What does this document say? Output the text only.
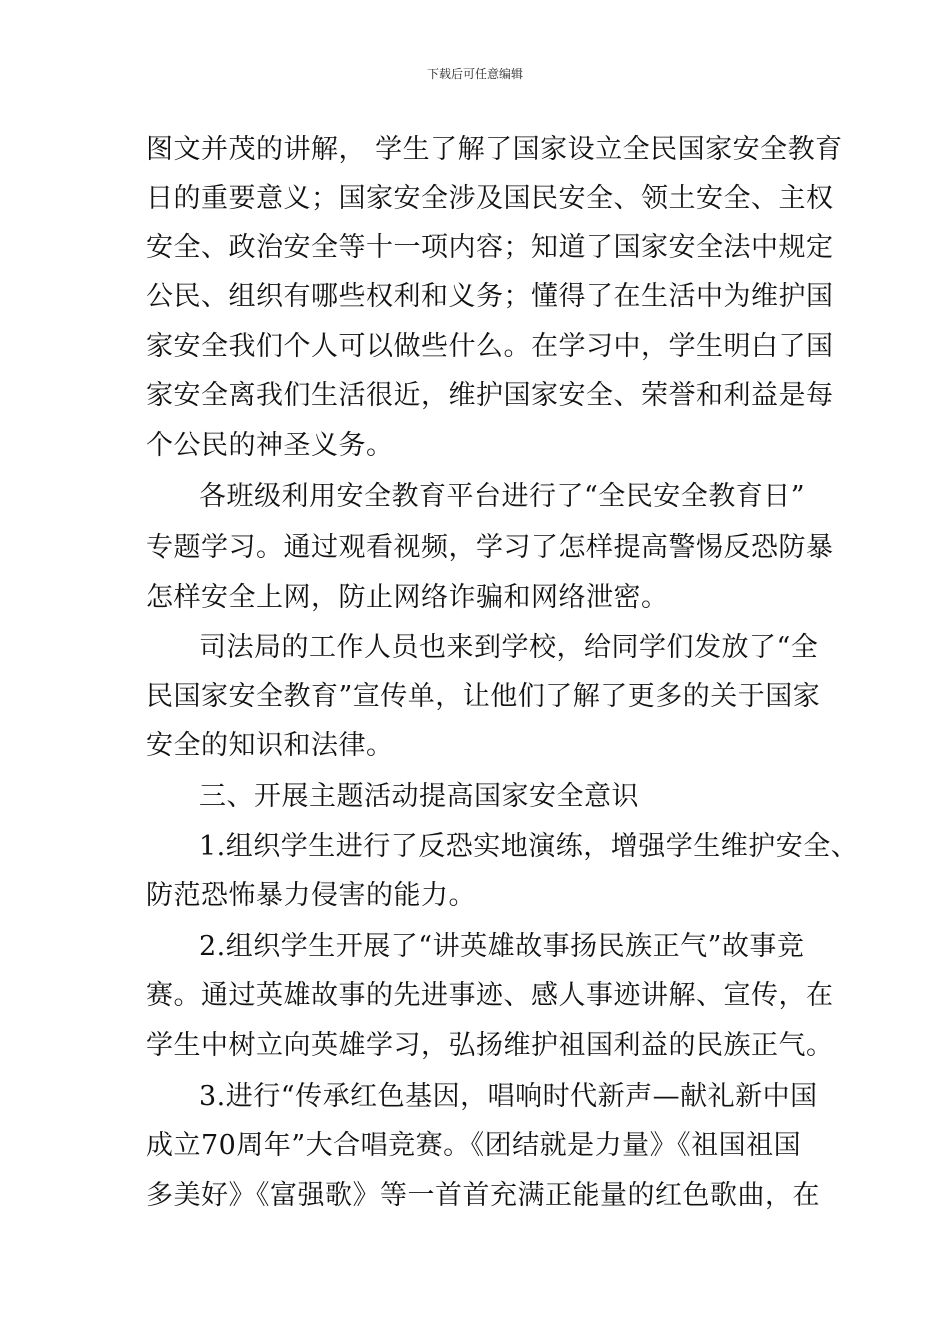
下载后可任意编辑
图文并茂的讲解， 学生了解了国家设立全民国家安全教育
日的重要意义；国家安全涉及国民安全、领土安全、主权
安全、政治安全等十一项内容；知道了国家安全法中规定
公民、组织有哪些权利和义务；懂得了在生活中为维护国
家安全我们个人可以做些什么。在学习中，学生明白了国
家安全离我们生活很近，维护国家安全、荣誉和利益是每
个公民的神圣义务。
各班级利用安全教育平台进行了“全民安全教育日”
专题学习。通过观看视频，学习了怎样提高警惕反恐防暴
怎样安全上网，防止网络诈骗和网络泄密。
司法局的工作人员也来到学校，给同学们发放了“全
民国家安全教育”宣传单，让他们了解了更多的关于国家
安全的知识和法律。
三、开展主题活动提高国家安全意识
1.组织学生进行了反恐实地演练，增强学生维护安全、
防范恐怖暴力侵害的能力。
2.组织学生开展了“讲英雄故事扬民族正气”故事竞
赛。通过英雄故事的先进事迹、感人事迹讲解、宣传，在
学生中树立向英雄学习，弘扬维护祖国利益的民族正气。
3.进行“传承红色基因，唱响时代新声—献礼新中国
成立70周年”大合唱竞赛。《团结就是力量》《祖国祖国
多美好》《富强歌》等一首首充满正能量的红色歌曲，在
